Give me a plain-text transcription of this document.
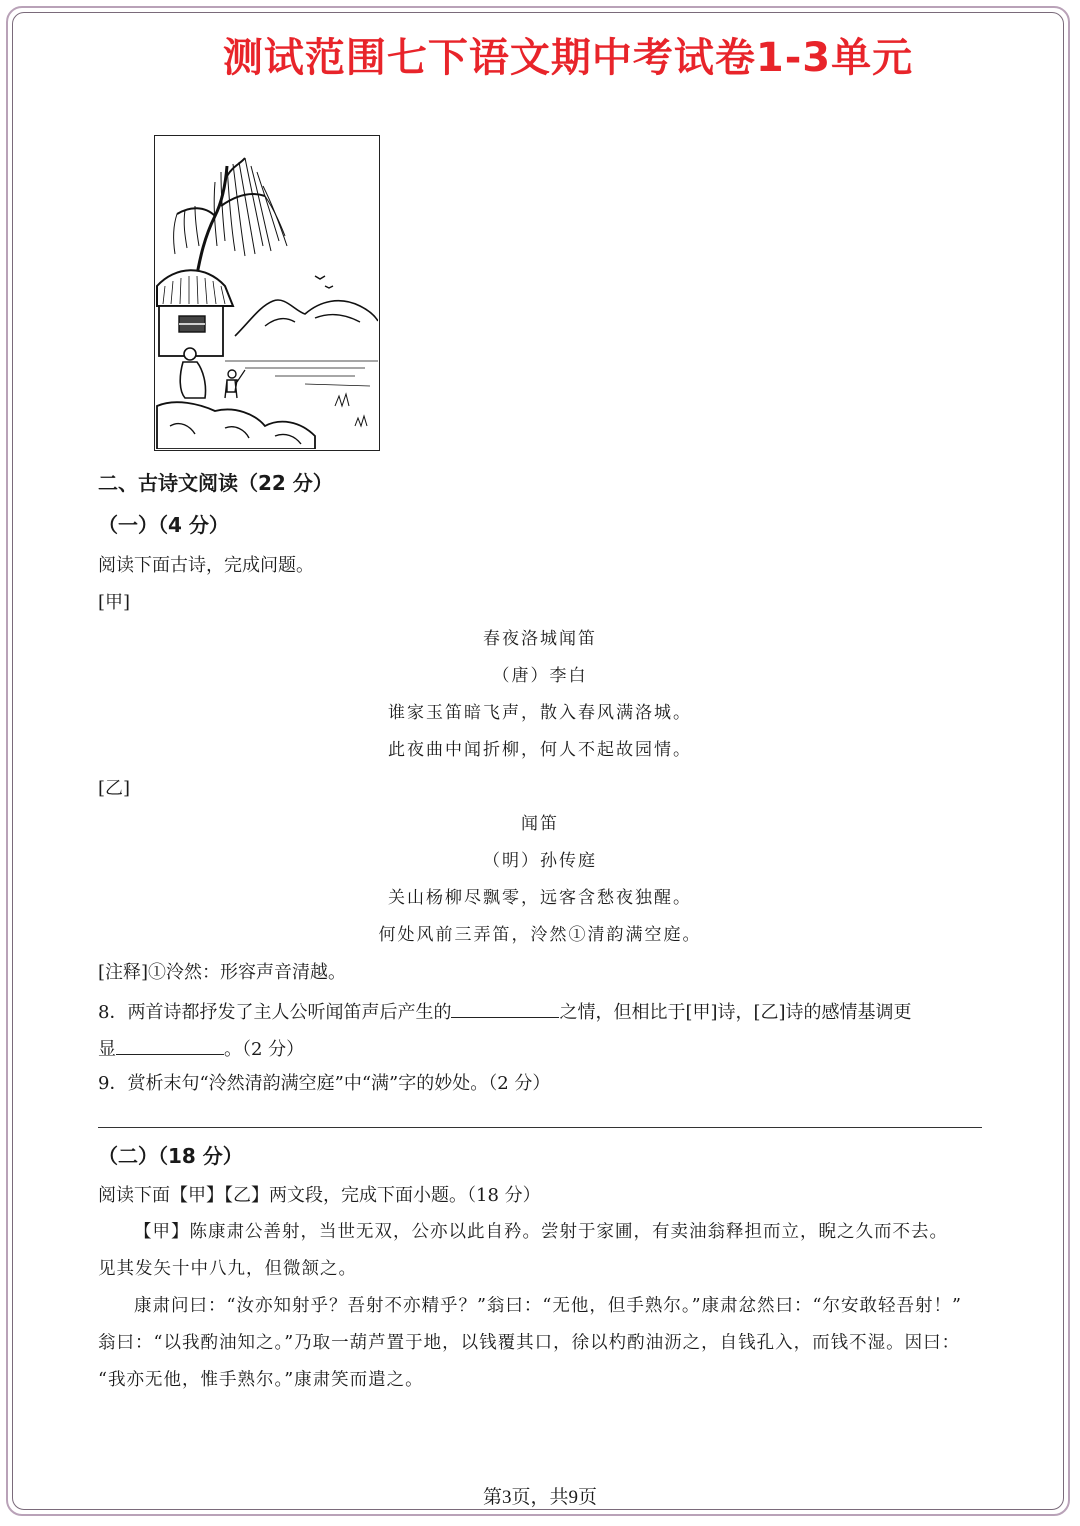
测试范围七下语文期中考试卷1-3单元
二、古诗文阅读（22 分）
（一）（4 分）
阅读下面古诗，完成问题。
[甲]
春夜洛城闻笛
（唐）李白
谁家玉笛暗飞声，散入春风满洛城。
此夜曲中闻折柳，何人不起故园情。
[乙]
闻笛
（明）孙传庭
关山杨柳尽飘零，远客含愁夜独醒。
何处风前三弄笛，泠然①清韵满空庭。
[注释]①泠然：形容声音清越。
8．两首诗都抒发了主人公听闻笛声后产生的	之情，但相比于[甲]诗，[乙]诗的感情基调更
显	。（2 分）
9．赏析末句“泠然清韵满空庭”中“满”字的妙处。（2 分）
（二）（18 分）
阅读下面【甲】【乙】两文段，完成下面小题。（18 分）
【甲】陈康肃公善射，当世无双，公亦以此自矜。尝射于家圃，有卖油翁释担而立，睨之久而不去。
见其发矢十中八九，但微颔之。
康肃问曰：“汝亦知射乎？吾射不亦精乎？”翁曰：“无他，但手熟尔。”康肃忿然曰：“尔安敢轻吾射！”
翁曰：“以我酌油知之。”乃取一葫芦置于地，以钱覆其口，徐以杓酌油沥之，自钱孔入，而钱不湿。因曰：
“我亦无他，惟手熟尔。”康肃笑而遣之。
第3页，共9页
